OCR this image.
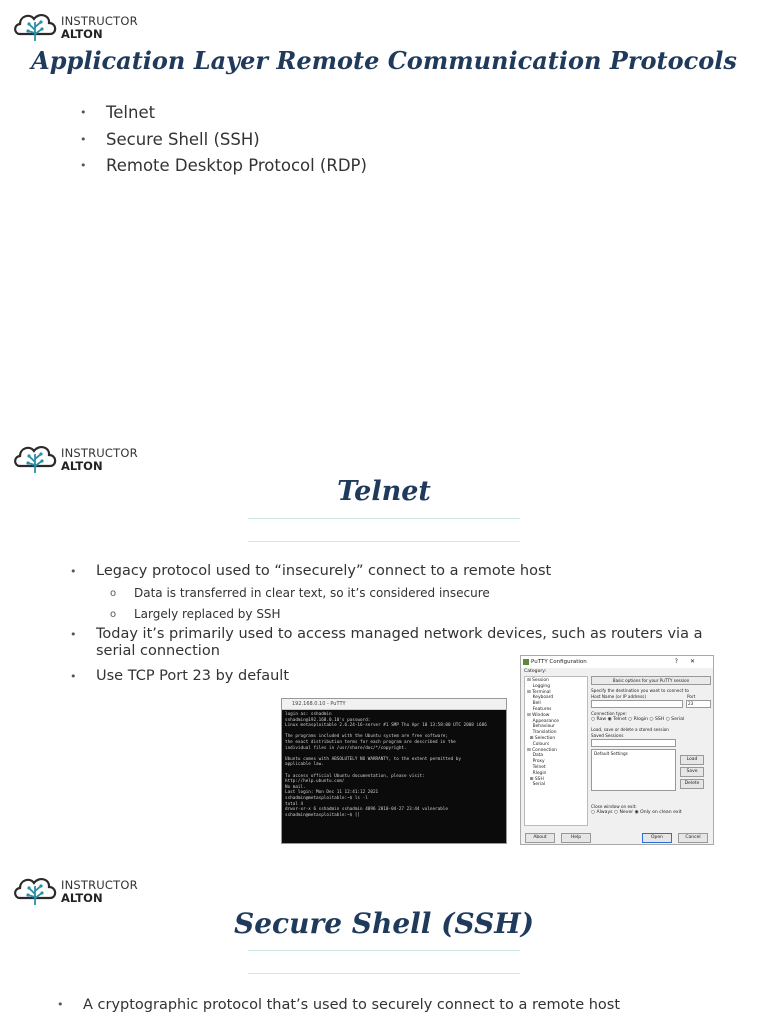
INSTRUCTOR
ALTON
Application Layer Remote Communication Protocols
• Telnet
• Secure Shell (SSH)
• Remote Desktop Protocol (RDP)
INSTRUCTOR
ALTON
Telnet
• Legacy protocol used to “insecurely” connect to a remote host
o Data is transferred in clear text, so it’s considered insecure
o Largely replaced by SSH
• Today it’s primarily used to access managed network devices, such as routers via a serial connection
• Use TCP Port 23 by default
192.168.0.10 - PuTTY
login as: sshadmin
sshadmin@192.168.0.10's password:
Linux metasploitable 2.6.24-16-server #1 SMP Thu Apr 10 13:58:00 UTC 2008 i686

The programs included with the Ubuntu system are free software;
the exact distribution terms for each program are described in the
individual files in /usr/share/doc/*/copyright.

Ubuntu comes with ABSOLUTELY NO WARRANTY, to the extent permitted by
applicable law.

To access official Ubuntu documentation, please visit:
http://help.ubuntu.com/
No mail.
Last login: Mon Dec 11 12:41:12 2021
sshadmin@metasploitable:~$ ls -l
total 4
drwxr-xr-x 6 sshadmin sshadmin 4096 2010-04-27 23:44 vulnerable
sshadmin@metasploitable:~$ []
PuTTY Configuration	?✕
Category:
⊟ Session
Logging
⊟ Terminal
Keyboard
Bell
Features
⊟ Window
Appearance
Behaviour
Translation
⊞ Selection
Colours
⊟ Connection
Data
Proxy
Telnet
Rlogin
⊞ SSH
Serial
Basic options for your PuTTY session
Specify the destination you want to connect to
Host Name (or IP address)	Port
23
Connection type:
○ Raw ◉ Telnet ○ Rlogin ○ SSH ○ Serial
Load, save or delete a stored session
Saved Sessions
Default Settings
Load
Save
Delete
Close window on exit:
○ Always ○ Never ◉ Only on clean exit
About	Help	Open	Cancel
INSTRUCTOR
ALTON
Secure Shell (SSH)
• A cryptographic protocol that’s used to securely connect to a remote host
